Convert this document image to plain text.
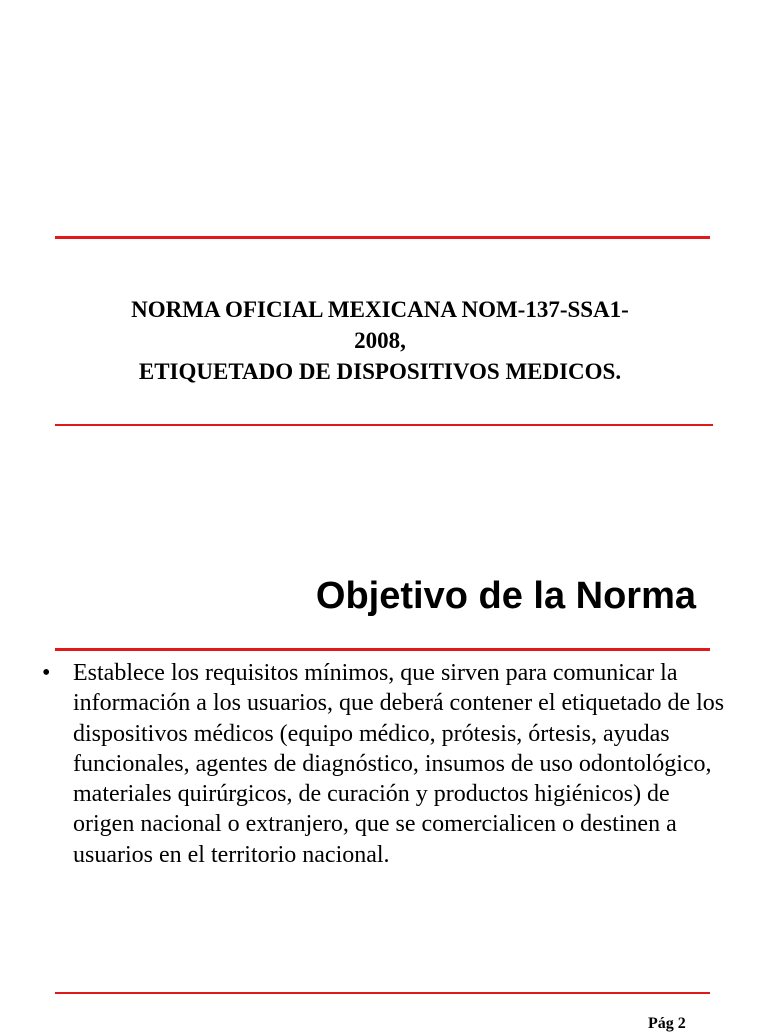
NORMA OFICIAL MEXICANA NOM-137-SSA1-
2008,
ETIQUETADO DE DISPOSITIVOS MEDICOS.
Objetivo de la Norma
• Establece los requisitos mínimos, que sirven para comunicar la información a los usuarios, que deberá contener el etiquetado de los dispositivos médicos (equipo médico, prótesis, órtesis, ayudas funcionales, agentes de diagnóstico, insumos de uso odontológico, materiales quirúrgicos, de curación y productos higiénicos) de origen nacional o extranjero, que se comercialicen o destinen a usuarios en el territorio nacional.
Pág 2
